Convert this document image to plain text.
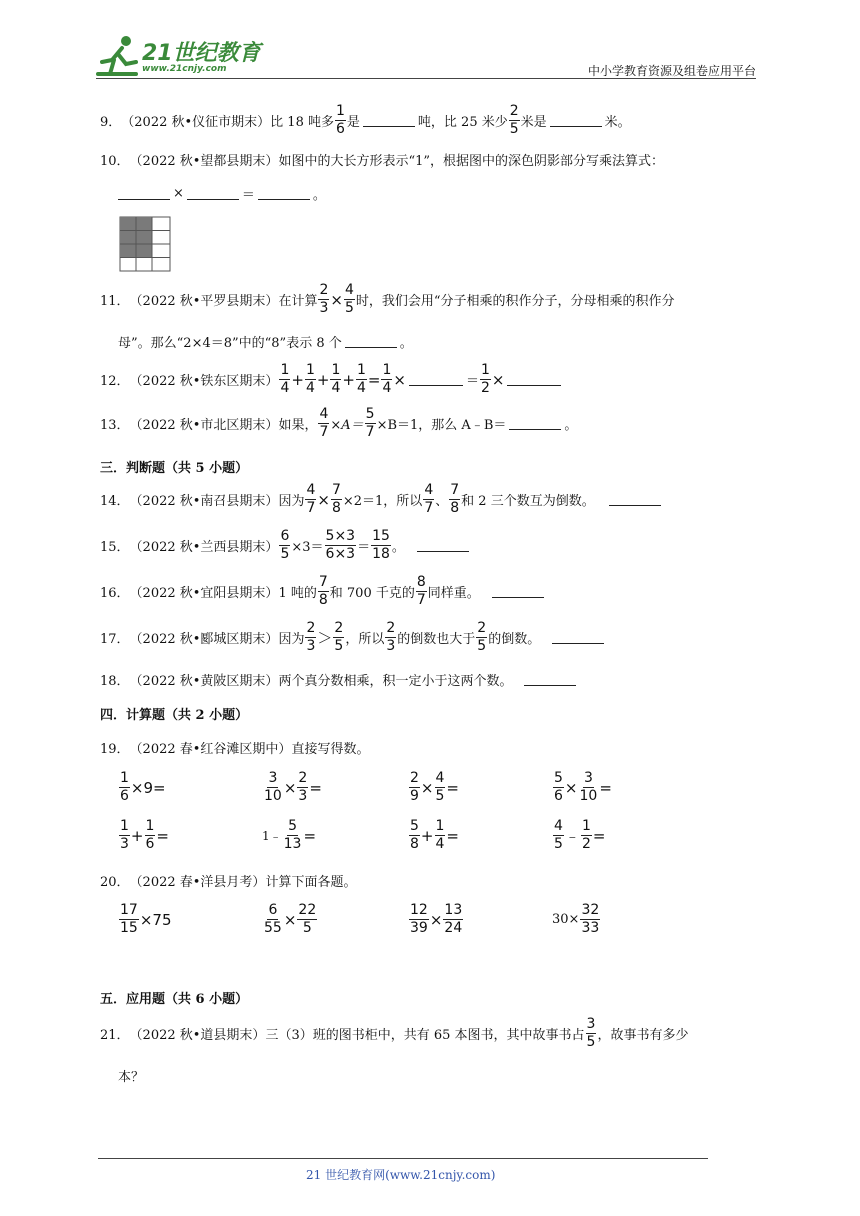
21世纪教育
www.21cnjy.com	中小学教育资源及组卷应用平台
9． （2022 秋•仪征市期末） 比 18 吨多 $\frac{1}{6}$ 是	吨，比 25 米少 $\frac{2}{5}$ 米是	米。
10． （2022 秋•望都县期末） 如图中的大长方形表示“1”，根据图中的深色阴影部分写乘法算式：
×	＝	。
11． （2022 秋•平罗县期末） 在计算 $\frac{2}{3} \times \frac{4}{5}$ 时，我们会用“分子相乘的积作分子，分母相乘的积作分
母”。那么“2×4＝8”中的“8”表示 8 个	。
12． （2022 秋•铁东区期末） $\frac{1}{4} + \frac{1}{4} + \frac{1}{4} + \frac{1}{4} = \frac{1}{4}$ ×	＝ $\frac{1}{2}$ ×
13． （2022 秋•市北区期末） 如果， $\frac{4}{7} \times A= \frac{5}{7} \times B=1$，那么 A﹣B＝	。
三．判断题（共 5 小题）
14． （2022 秋•南召县期末） 因为 $\frac{4}{7} \times \frac{7}{8} \times 2=1$，所以 $\frac{4}{7}$ 、 $\frac{7}{8}$ 和 2 三个数互为倒数。
15． （2022 秋•兰西县期末） $\frac{6}{5} \times 3= \frac{5\times 3}{6\times 3} = \frac{15}{18}$ 。
16． （2022 秋•宜阳县期末） 1 吨的 $\frac{7}{8}$ 和 700 千克的 $\frac{8}{7}$ 同样重。
17． （2022 秋•郾城区期末） 因为 $\frac{2}{3} > \frac{2}{5}$ ，所以 $\frac{2}{3}$ 的倒数也大于 $\frac{2}{5}$ 的倒数。
18． （2022 秋•黄陂区期末） 两个真分数相乘，积一定小于这两个数。
四．计算题（共 2 小题）
19． （2022 春•红谷滩区期中） 直接写得数。
$\frac{1}{6} \times 9$ =	$\frac{3}{10} \times \frac{2}{3}$ =	$\frac{2}{9} \times \frac{4}{5}$ =	$\frac{5}{6} \times \frac{3}{10}$ =
$\frac{1}{3} + \frac{1}{6}$ =	1﹣ $\frac{5}{13}$ =	$\frac{5}{8} + \frac{1}{4}$ =	$\frac{4}{5}$ ﹣ $\frac{1}{2}$ =
20． （2022 春•洋县月考） 计算下面各题。
$\frac{17}{15} \times 75$	$\frac{6}{55} \times \frac{22}{5}$	$\frac{12}{39} \times \frac{13}{24}$	$30\times \frac{32}{33}$
五．应用题（共 6 小题）
21． （2022 秋•道县期末） 三（3）班的图书柜中，共有 65 本图书，其中故事书占 $\frac{3}{5}$ ，故事书有多少
本？
21 世纪教育网(www.21cnjy.com)
